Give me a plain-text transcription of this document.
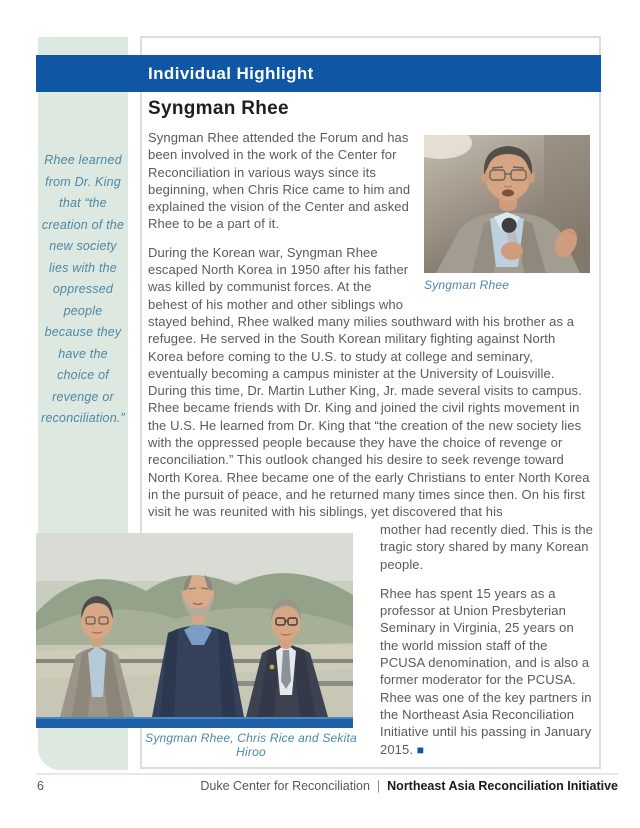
Rhee learned from Dr. King that “the creation of the new society lies with the oppressed people because they have the choice of revenge or reconciliation.”
Individual Highlight
Syngman Rhee
Syngman Rhee

Syngman Rhee attended the Forum and has been involved in the work of the Center for Reconciliation in various ways since its beginning, when Chris Rice came to him and explained the vision of the Center and asked Rhee to be a part of it.

During the Korean war, Syngman Rhee escaped North Korea in 1950 after his father was killed by communist forces. At the behest of his mother and other siblings who stayed behind, Rhee walked many milies southward with his brother as a refugee. He served in the South Korean military fighting against North Korea before coming to the U.S. to study at college and seminary, eventually becoming a campus minister at the University of Louisville. During this time, Dr. Martin Luther King, Jr. made several visits to campus. Rhee became friends with Dr. King and joined the civil rights movement in the U.S. He learned from Dr. King that “the creation of the new society lies with the oppressed people because they have the choice of revenge or reconciliation.” This outlook changed his desire to seek revenge toward North Korea. Rhee became one of the early Christians to enter North Korea in the pursuit of peace, and he returned many times since then. On his first visit he was reunited with his siblings, yet discovered that his

mother had recently died. This is the tragic story shared by many Korean people.

Rhee has spent 15 years as a professor at Union Presbyterian Seminary in Virginia, 25 years on the world mission staff of the PCUSA denomination, and is also a former moderator for the PCUSA. Rhee was one of the key partners in the Northeast Asia Reconciliation Initiative until his passing in January 2015. ■

Syngman Rhee, Chris Rice and Sekita Hiroo
6	Duke Center for Reconciliation | Northeast Asia Reconciliation Initiative
